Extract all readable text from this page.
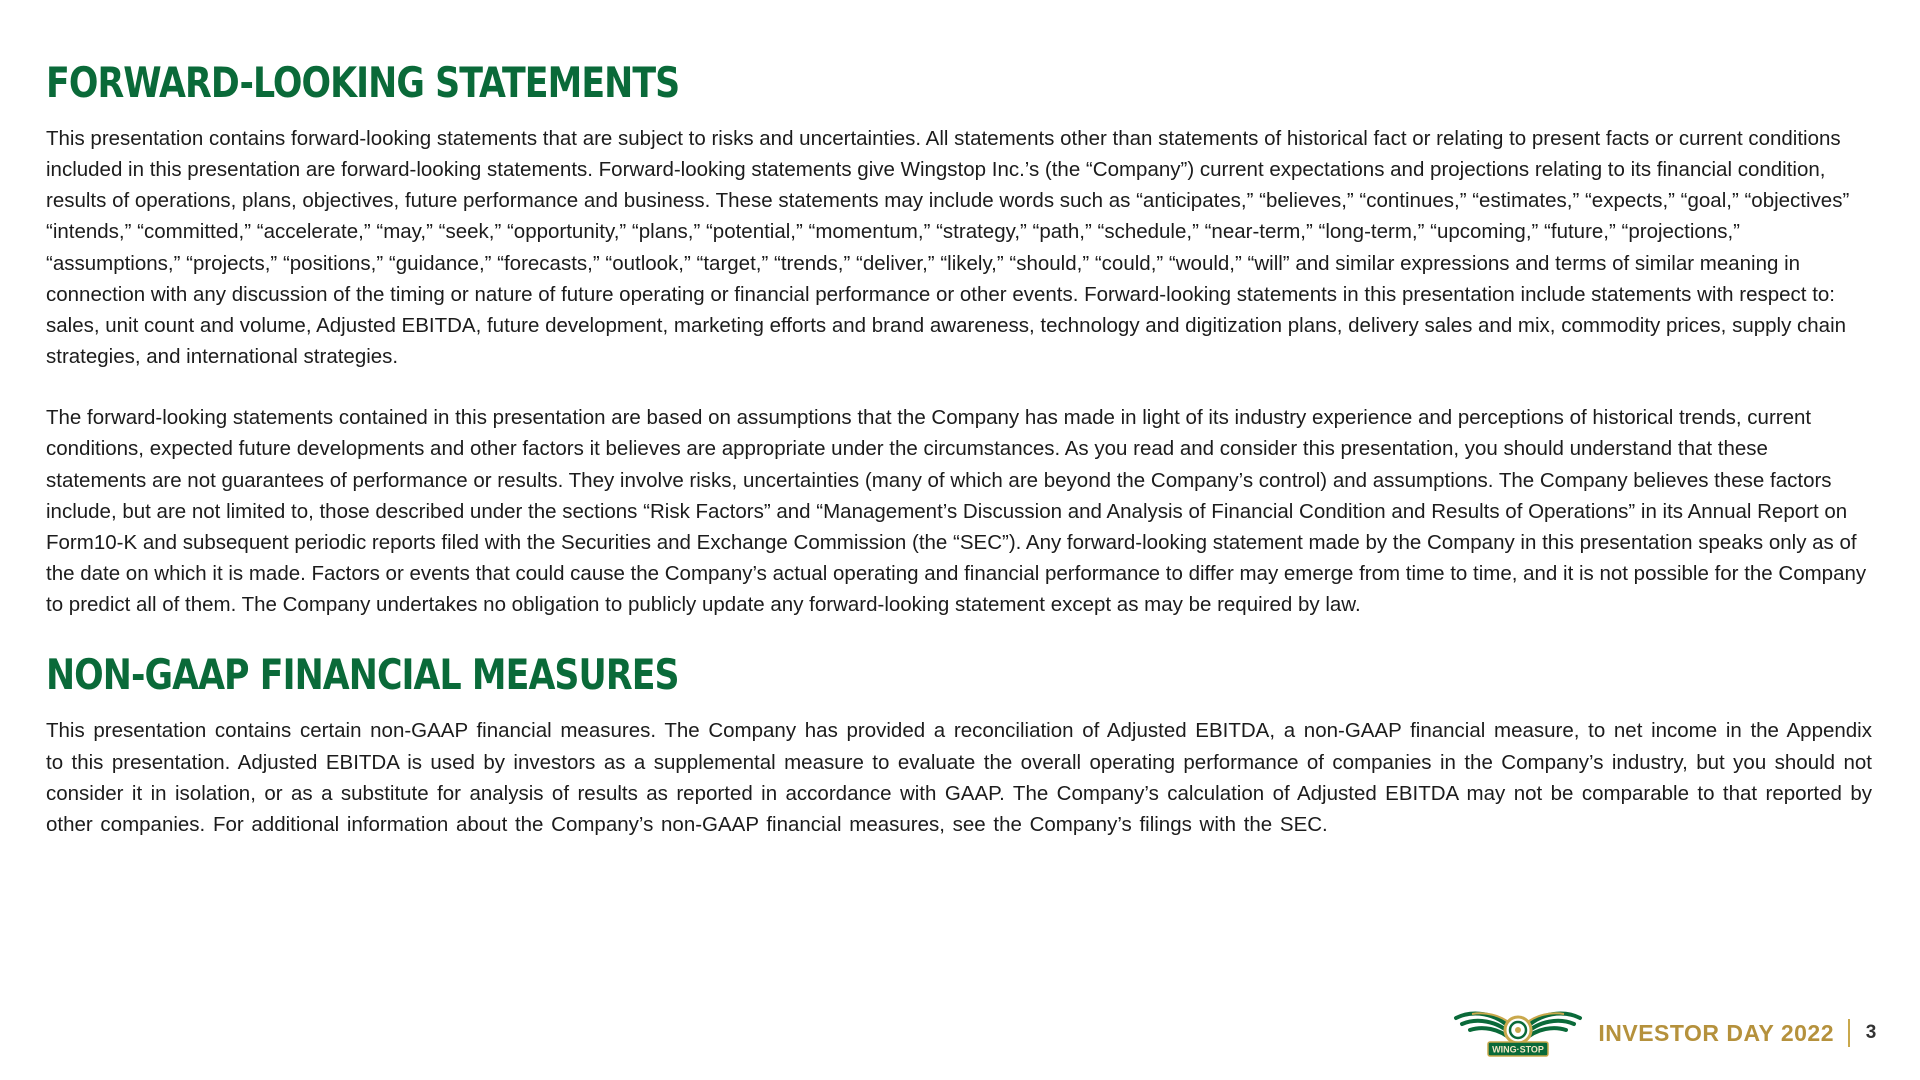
FORWARD-LOOKING STATEMENTS

This presentation contains forward-looking statements that are subject to risks and uncertainties. All statements other than statements of historical fact or relating to present facts or current conditions included in this presentation are forward-looking statements. Forward-looking statements give Wingstop Inc.’s (the “Company”) current expectations and projections relating to its financial condition, results of operations, plans, objectives, future performance and business. These statements may include words such as “anticipates,” “believes,” “continues,” “estimates,” “expects,” “goal,” “objectives” “intends,” “committed,” “accelerate,” “may,” “seek,” “opportunity,” “plans,” “potential,” “momentum,” “strategy,” “path,” “schedule,” “near-term,” “long-term,” “upcoming,” “future,” “projections,” “assumptions,” “projects,” “positions,” “guidance,” “forecasts,” “outlook,” “target,” “trends,” “deliver,” “likely,” “should,” “could,” “would,” “will” and similar expressions and terms of similar meaning in connection with any discussion of the timing or nature of future operating or financial performance or other events. Forward-looking statements in this presentation include statements with respect to: sales, unit count and volume, Adjusted EBITDA, future development, marketing efforts and brand awareness, technology and digitization plans, delivery sales and mix, commodity prices, supply chain strategies, and international strategies.

The forward-looking statements contained in this presentation are based on assumptions that the Company has made in light of its industry experience and perceptions of historical trends, current conditions, expected future developments and other factors it believes are appropriate under the circumstances. As you read and consider this presentation, you should understand that these statements are not guarantees of performance or results. They involve risks, uncertainties (many of which are beyond the Company’s control) and assumptions. The Company believes these factors include, but are not limited to, those described under the sections “Risk Factors” and “Management’s Discussion and Analysis of Financial Condition and Results of Operations” in its Annual Report on Form10-K and subsequent periodic reports filed with the Securities and Exchange Commission (the “SEC”). Any forward-looking statement made by the Company in this presentation speaks only as of the date on which it is made. Factors or events that could cause the Company’s actual operating and financial performance to differ may emerge from time to time, and it is not possible for the Company to predict all of them. The Company undertakes no obligation to publicly update any forward-looking statement except as may be required by law.

NON-GAAP FINANCIAL MEASURES

This presentation contains certain non-GAAP financial measures. The Company has provided a reconciliation of Adjusted EBITDA, a non-GAAP financial measure, to net income in the Appendix to this presentation. Adjusted EBITDA is used by investors as a supplemental measure to evaluate the overall operating performance of companies in the Company’s industry, but you should not consider it in isolation, or as a substitute for analysis of results as reported in accordance with GAAP. The Company’s calculation of Adjusted EBITDA may not be comparable to that reported by other companies. For additional information about the Company’s non-GAAP financial measures, see the Company’s filings with the SEC.

WING·STOP
INVESTOR DAY 2022 3
